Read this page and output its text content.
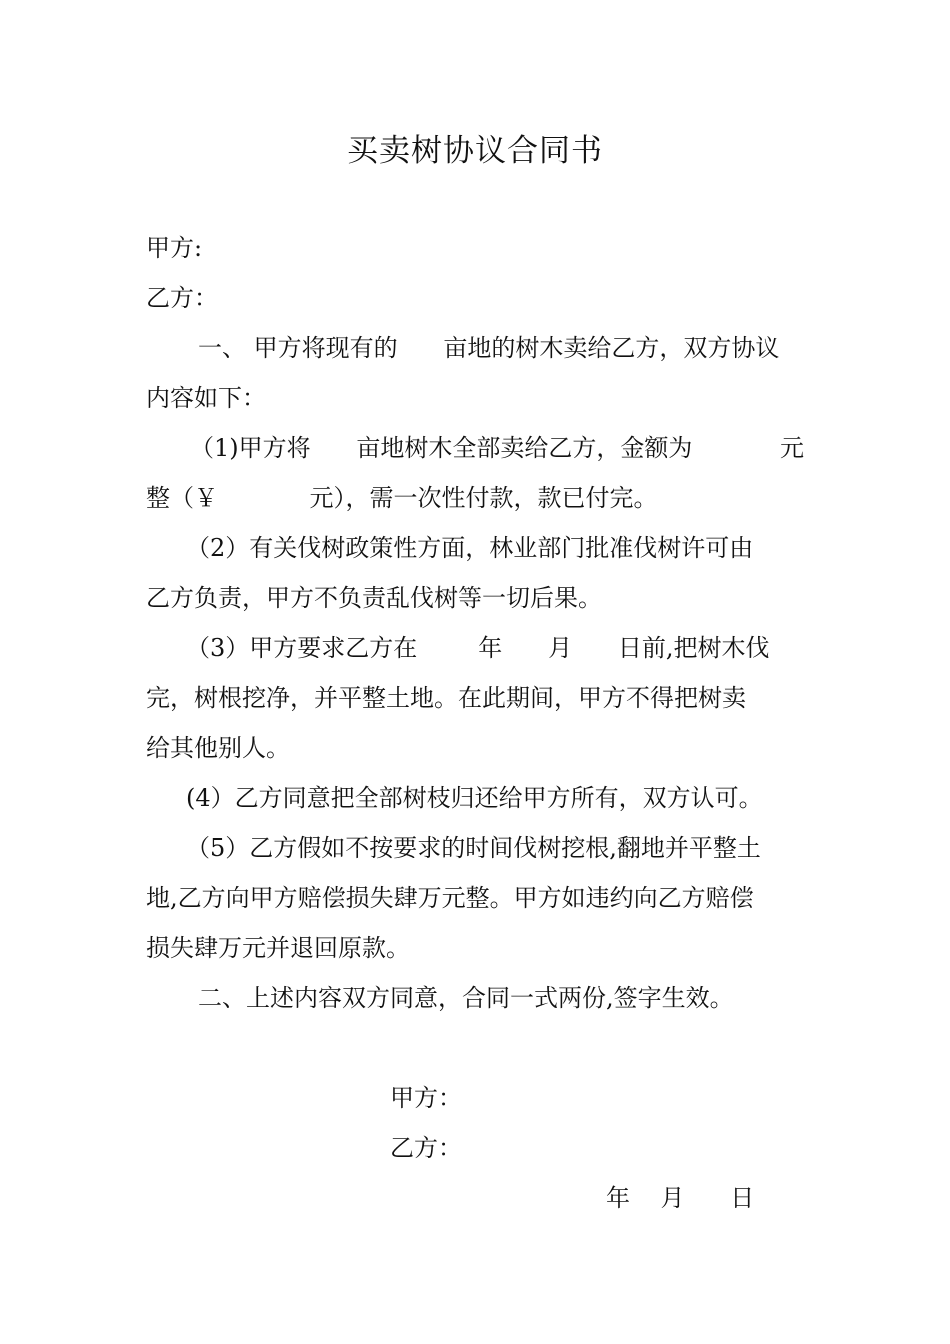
买卖树协议合同书
甲方:
乙方：
一、 甲方将现有的      亩地的树木卖给乙方，双方协议
内容如下：
（1)甲方将      亩地树木全部卖给乙方，金额为	元
整（￥            元），需一次性付款，款已付完。
（2）有关伐树政策性方面，林业部门批准伐树许可由
乙方负责，甲方不负责乱伐树等一切后果。
（3）甲方要求乙方在        年      月      日前,把树木伐
完，树根挖净，并平整土地。在此期间，甲方不得把树卖
给其他别人。
(4）乙方同意把全部树枝归还给甲方所有，双方认可。
（5）乙方假如不按要求的时间伐树挖根,翻地并平整土
地,乙方向甲方赔偿损失肆万元整。甲方如违约向乙方赔偿
损失肆万元并退回原款。
二、上述内容双方同意，合同一式两份,签字生效。
甲方：
乙方：
年    月      日
